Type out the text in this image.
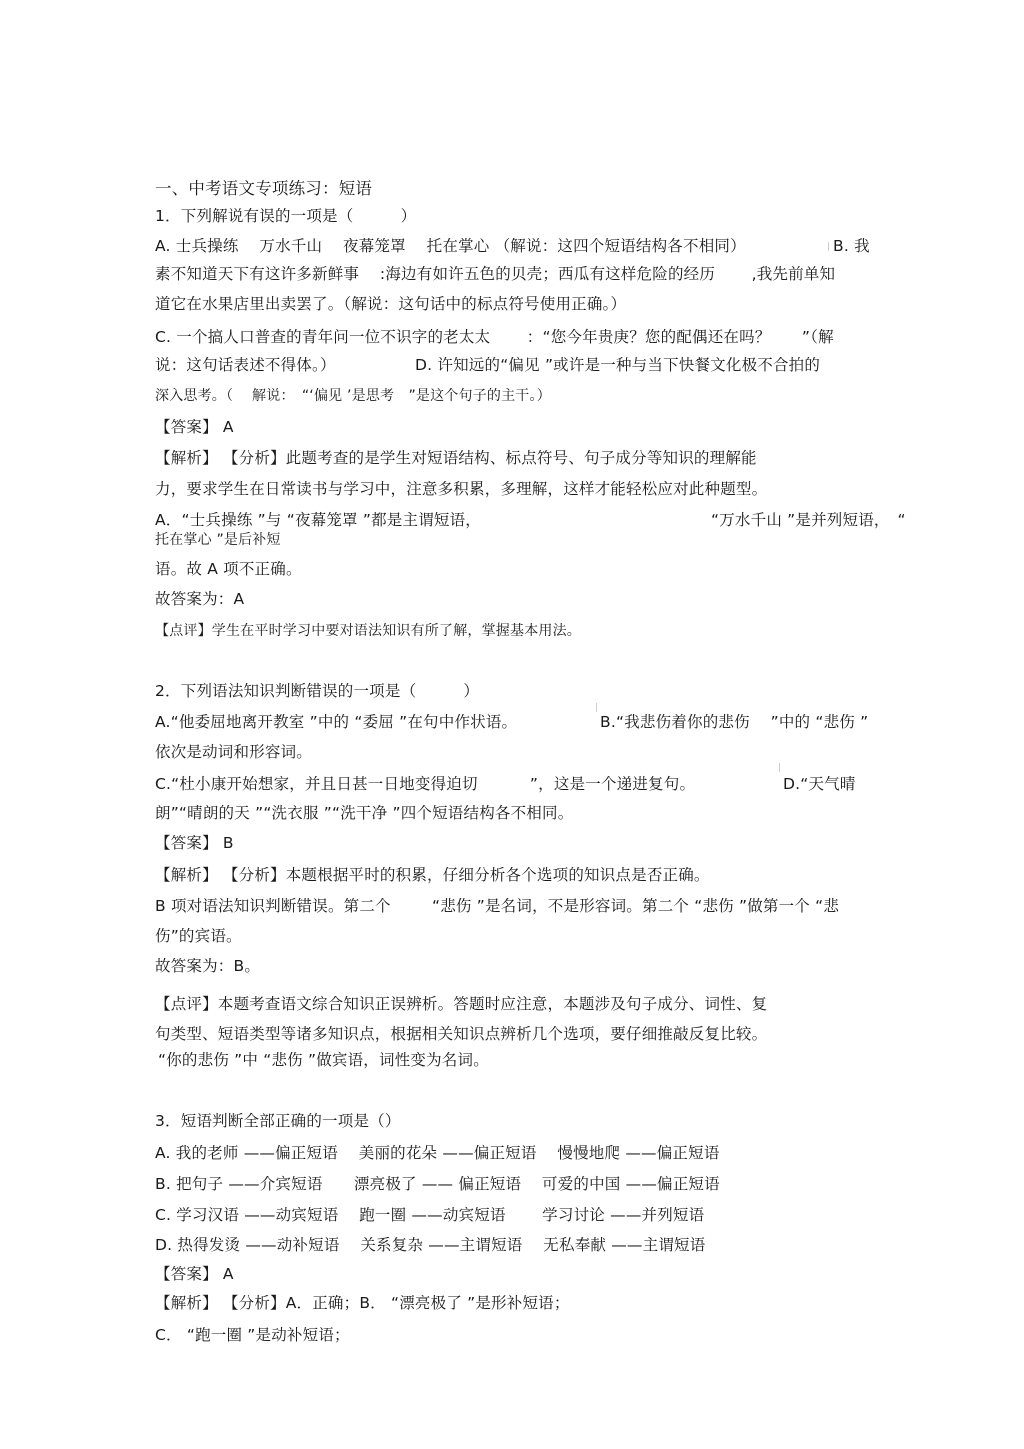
一、中考语文专项练习：短语
1．下列解说有误的一项是（　　　）
A. 士兵操练　 万水千山　 夜幕笼罩　 托在掌心 （解说：这四个短语结构各不相同）	B. 我
素不知道天下有这许多新鲜事　 :海边有如许五色的贝壳；西瓜有这样危险的经历　　 ,我先前单知
道它在水果店里出卖罢了。（解说：这句话中的标点符号使用正确。）
C. 一个搞人口普查的青年问一位不识字的老太太　　 ：“您今年贵庚？您的配偶还在吗？　　”（解
说：这句话表述不得体。）	D. 许知远的“偏见 ”或许是一种与当下快餐文化极不合拍的
深入思考。（　 解说：　“‘偏见 ’是思考　”是这个句子的主干。）
【答案】 A
【解析】 【分析】此题考查的是学生对短语结构、标点符号、句子成分等知识的理解能
力，要求学生在日常读书与学习中，注意多积累，多理解，这样才能轻松应对此种题型。
A．“士兵操练 ”与 “夜幕笼罩 ”都是主谓短语，	“万水千山 ”是并列短语，　“
托在掌心 ”是后补短
语。故 A 项不正确。
故答案为：A
【点评】学生在平时学习中要对语法知识有所了解，掌握基本用法。
2．下列语法知识判断错误的一项是（　　　）
A.“他委屈地离开教室 ”中的 “委屈 ”在句中作状语。	B.“我悲伤着你的悲伤　 ”中的 “悲伤 ”
依次是动词和形容词。
C.“杜小康开始想家，并且日甚一日地变得迫切　　　 ”，这是一个递进复句。	D.“天气晴
朗”“晴朗的天 ”“洗衣服 ”“洗干净 ”四个短语结构各不相同。
【答案】 B
【解析】 【分析】本题根据平时的积累，仔细分析各个选项的知识点是否正确。
B 项对语法知识判断错误。第二个	“悲伤 ”是名词，不是形容词。第二个 “悲伤 ”做第一个 “悲
伤”的宾语。
故答案为：B。
【点评】本题考查语文综合知识正误辨析。答题时应注意，本题涉及句子成分、词性、复
句类型、短语类型等诸多知识点，根据相关知识点辨析几个选项，要仔细推敲反复比较。
“你的悲伤 ”中 “悲伤 ”做宾语，词性变为名词。
3．短语判断全部正确的一项是（）
A. 我的老师 ——偏正短语　 美丽的花朵 ——偏正短语　 慢慢地爬 ——偏正短语
B. 把句子 ——介宾短语　　漂亮极了 —— 偏正短语　 可爱的中国 ——偏正短语
C. 学习汉语 ——动宾短语　 跑一圈 ——动宾短语　　 学习讨论 ——并列短语
D. 热得发烫 ——动补短语　 关系复杂 ——主谓短语　 无私奉献 ——主谓短语
【答案】 A
【解析】 【分析】A．正确；B． “漂亮极了 ”是形补短语；
C． “跑一圈 ”是动补短语；
